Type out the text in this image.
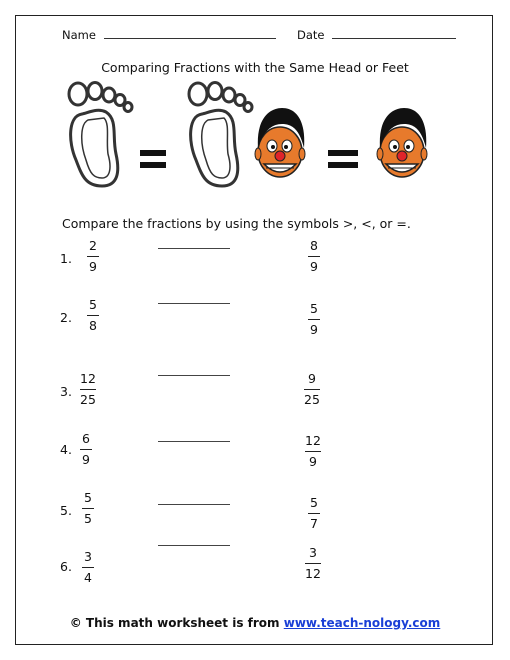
Name	Date
Comparing Fractions with the Same Head or Feet
Compare the fractions by using the symbols >, <, or =.
1.
2
9
8
9
2.
5
8
5
9
3.
12
25
9
25
4.
6
9
12
9
5.
5
5
5
7
6.
3
4
3
12
© This math worksheet is from www.teach-nology.com
